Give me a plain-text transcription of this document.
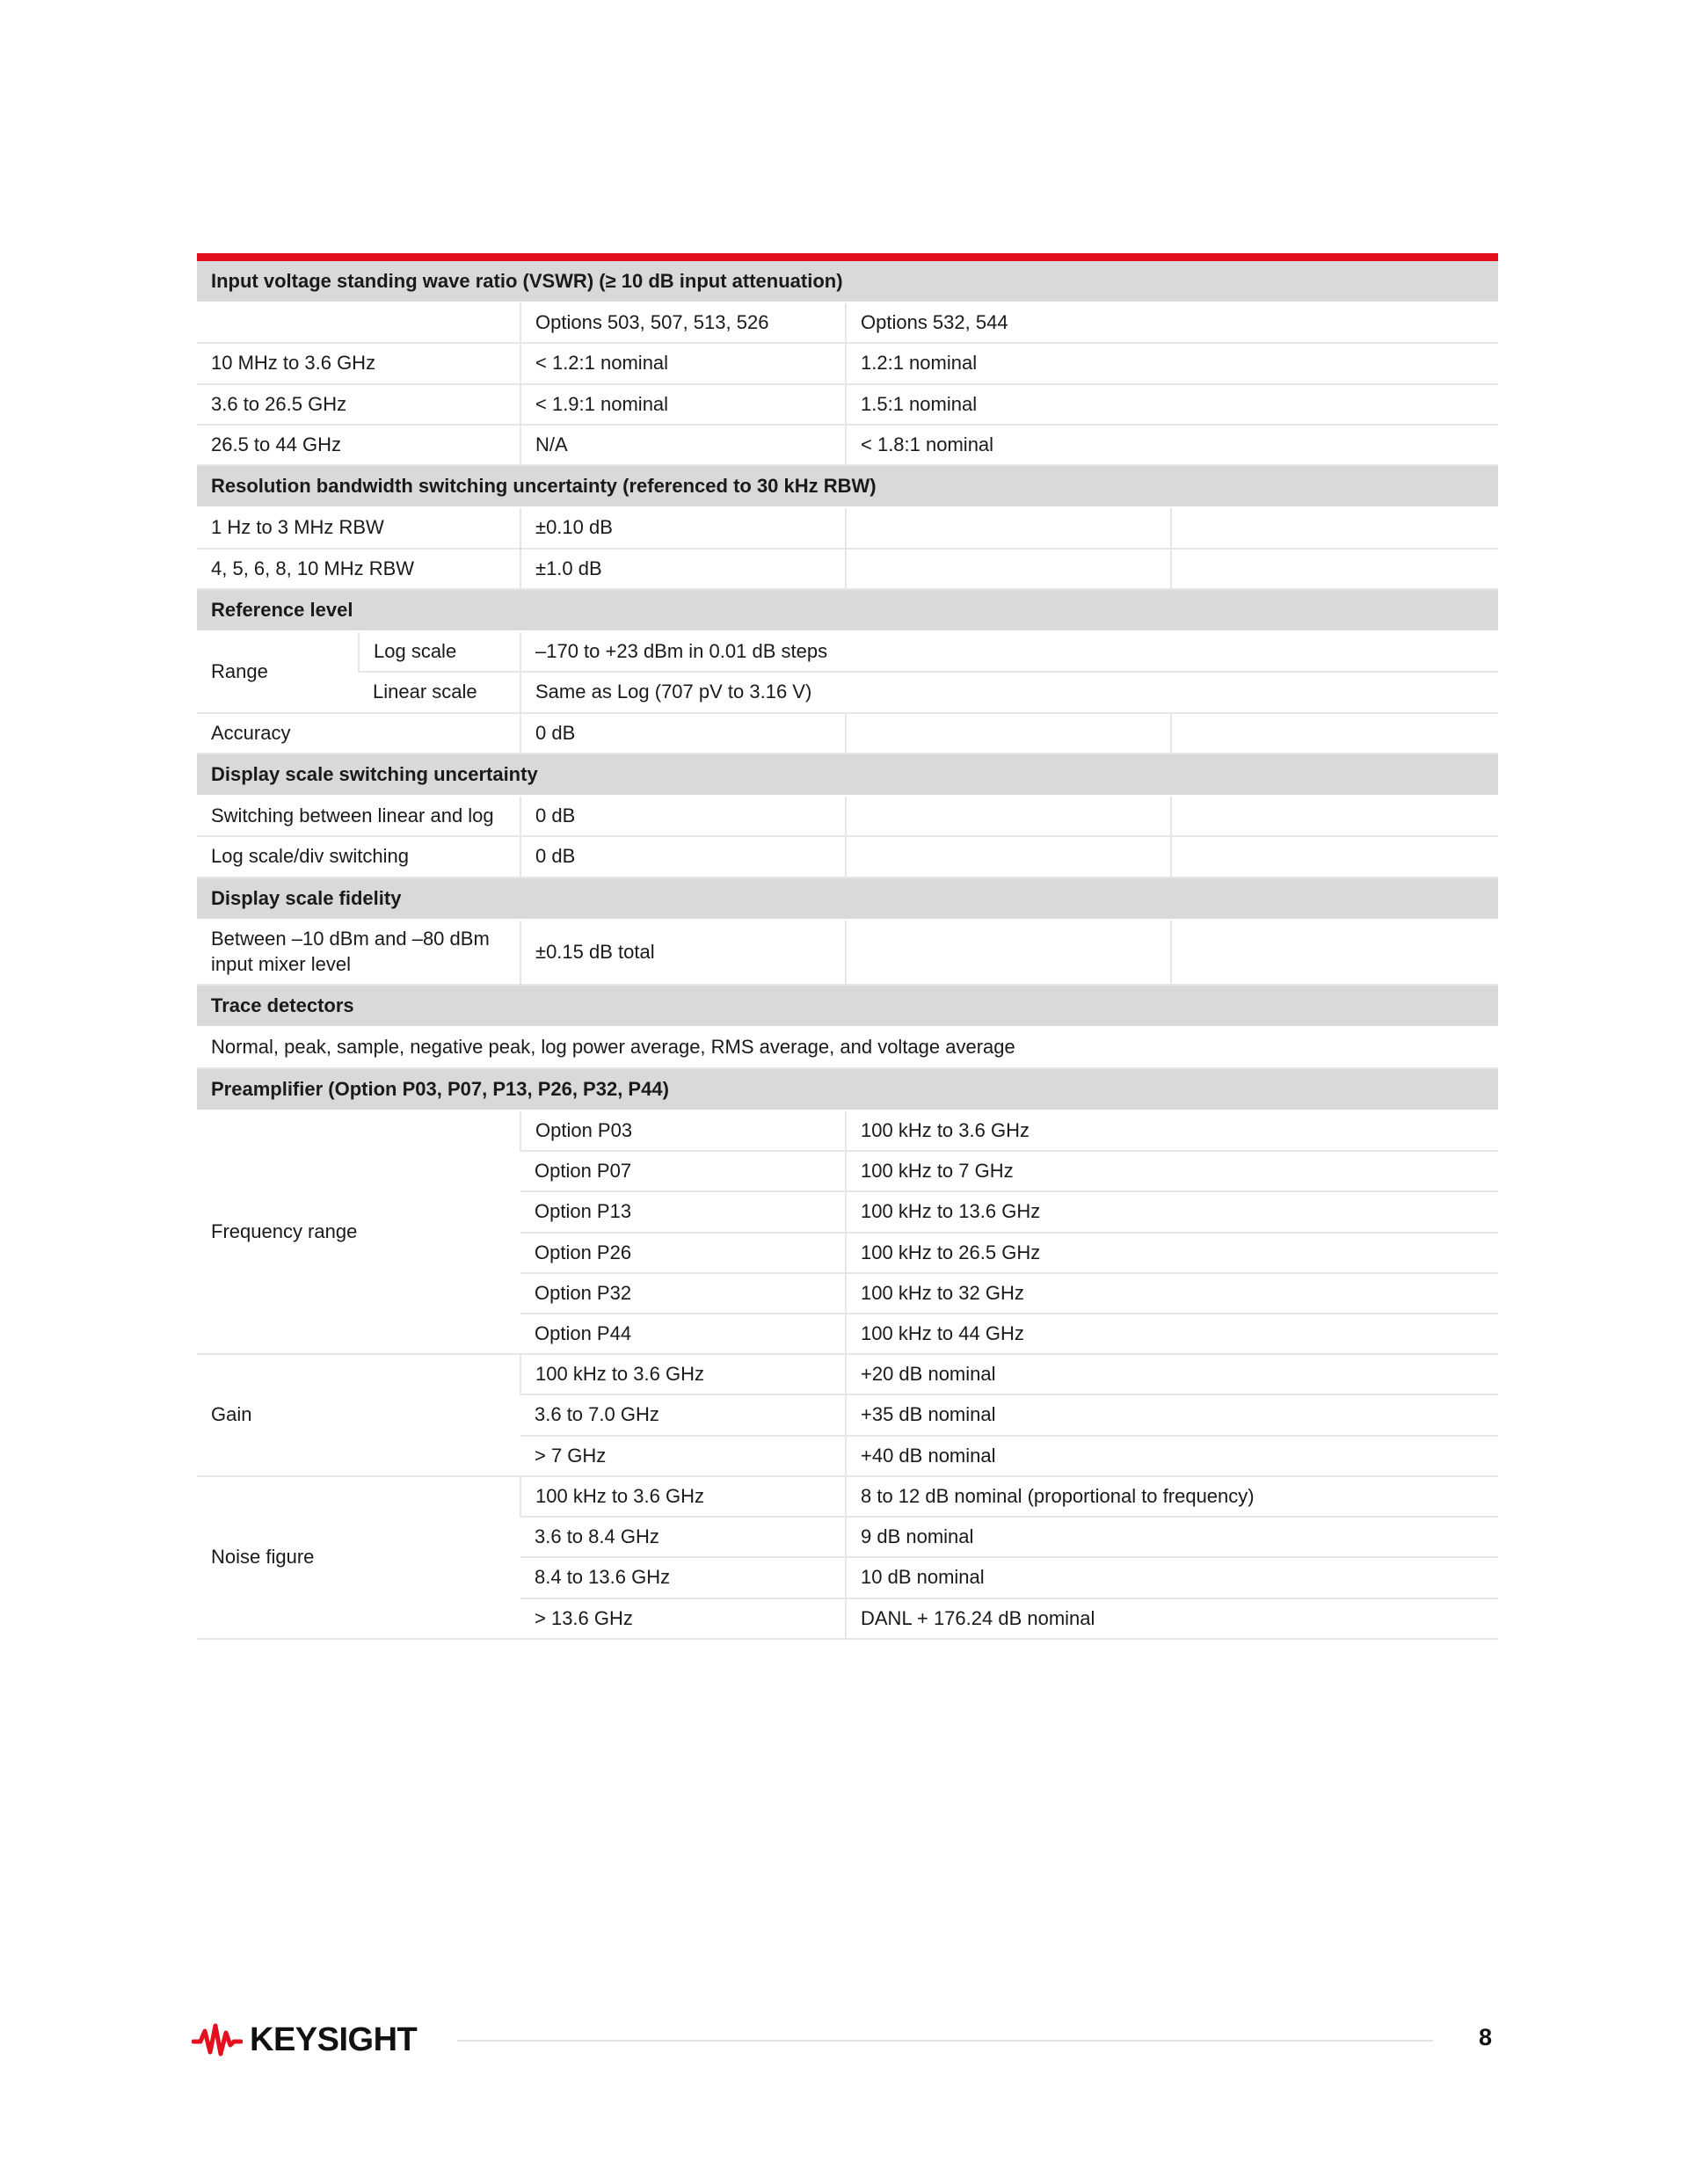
Input voltage standing wave ratio (VSWR) (≥ 10 dB input attenuation)				
		Options 503, 507, 513, 526	Options 532, 544	
10 MHz to 3.6 GHz		< 1.2:1 nominal	1.2:1 nominal	
3.6 to 26.5 GHz		< 1.9:1 nominal	1.5:1 nominal	
26.5 to 44 GHz		N/A	< 1.8:1 nominal	
Resolution bandwidth switching uncertainty (referenced to 30 kHz RBW)				
1 Hz to 3 MHz RBW		±0.10 dB		
4, 5, 6, 8, 10 MHz RBW		±1.0 dB		
Reference level				
Range	Log scale	–170 to +23 dBm in 0.01 dB steps		
	Linear scale	Same as Log (707 pV to 3.16 V)		
Accuracy		0 dB		
Display scale switching uncertainty				
Switching between linear and log		0 dB		
Log scale/div switching		0 dB		
Display scale fidelity				
Between –10 dBm and –80 dBm input mixer level		±0.15 dB total		
Trace detectors				
Normal, peak, sample, negative peak, log power average, RMS average, and voltage average				
Preamplifier (Option P03, P07, P13, P26, P32, P44)				
Frequency range		Option P03	100 kHz to 3.6 GHz	
		Option P07	100 kHz to 7 GHz	
		Option P13	100 kHz to 13.6 GHz	
		Option P26	100 kHz to 26.5 GHz	
		Option P32	100 kHz to 32 GHz	
		Option P44	100 kHz to 44 GHz	
Gain		100 kHz to 3.6 GHz	+20 dB nominal	
		3.6 to 7.0 GHz	+35 dB nominal	
		> 7 GHz	+40 dB nominal	
Noise figure		100 kHz to 3.6 GHz	8 to 12 dB nominal (proportional to frequency)	
		3.6 to 8.4 GHz	9 dB nominal	
		8.4 to 13.6 GHz	10 dB nominal	
		> 13.6 GHz	DANL + 176.24 dB nominal	
KEYSIGHT	8
